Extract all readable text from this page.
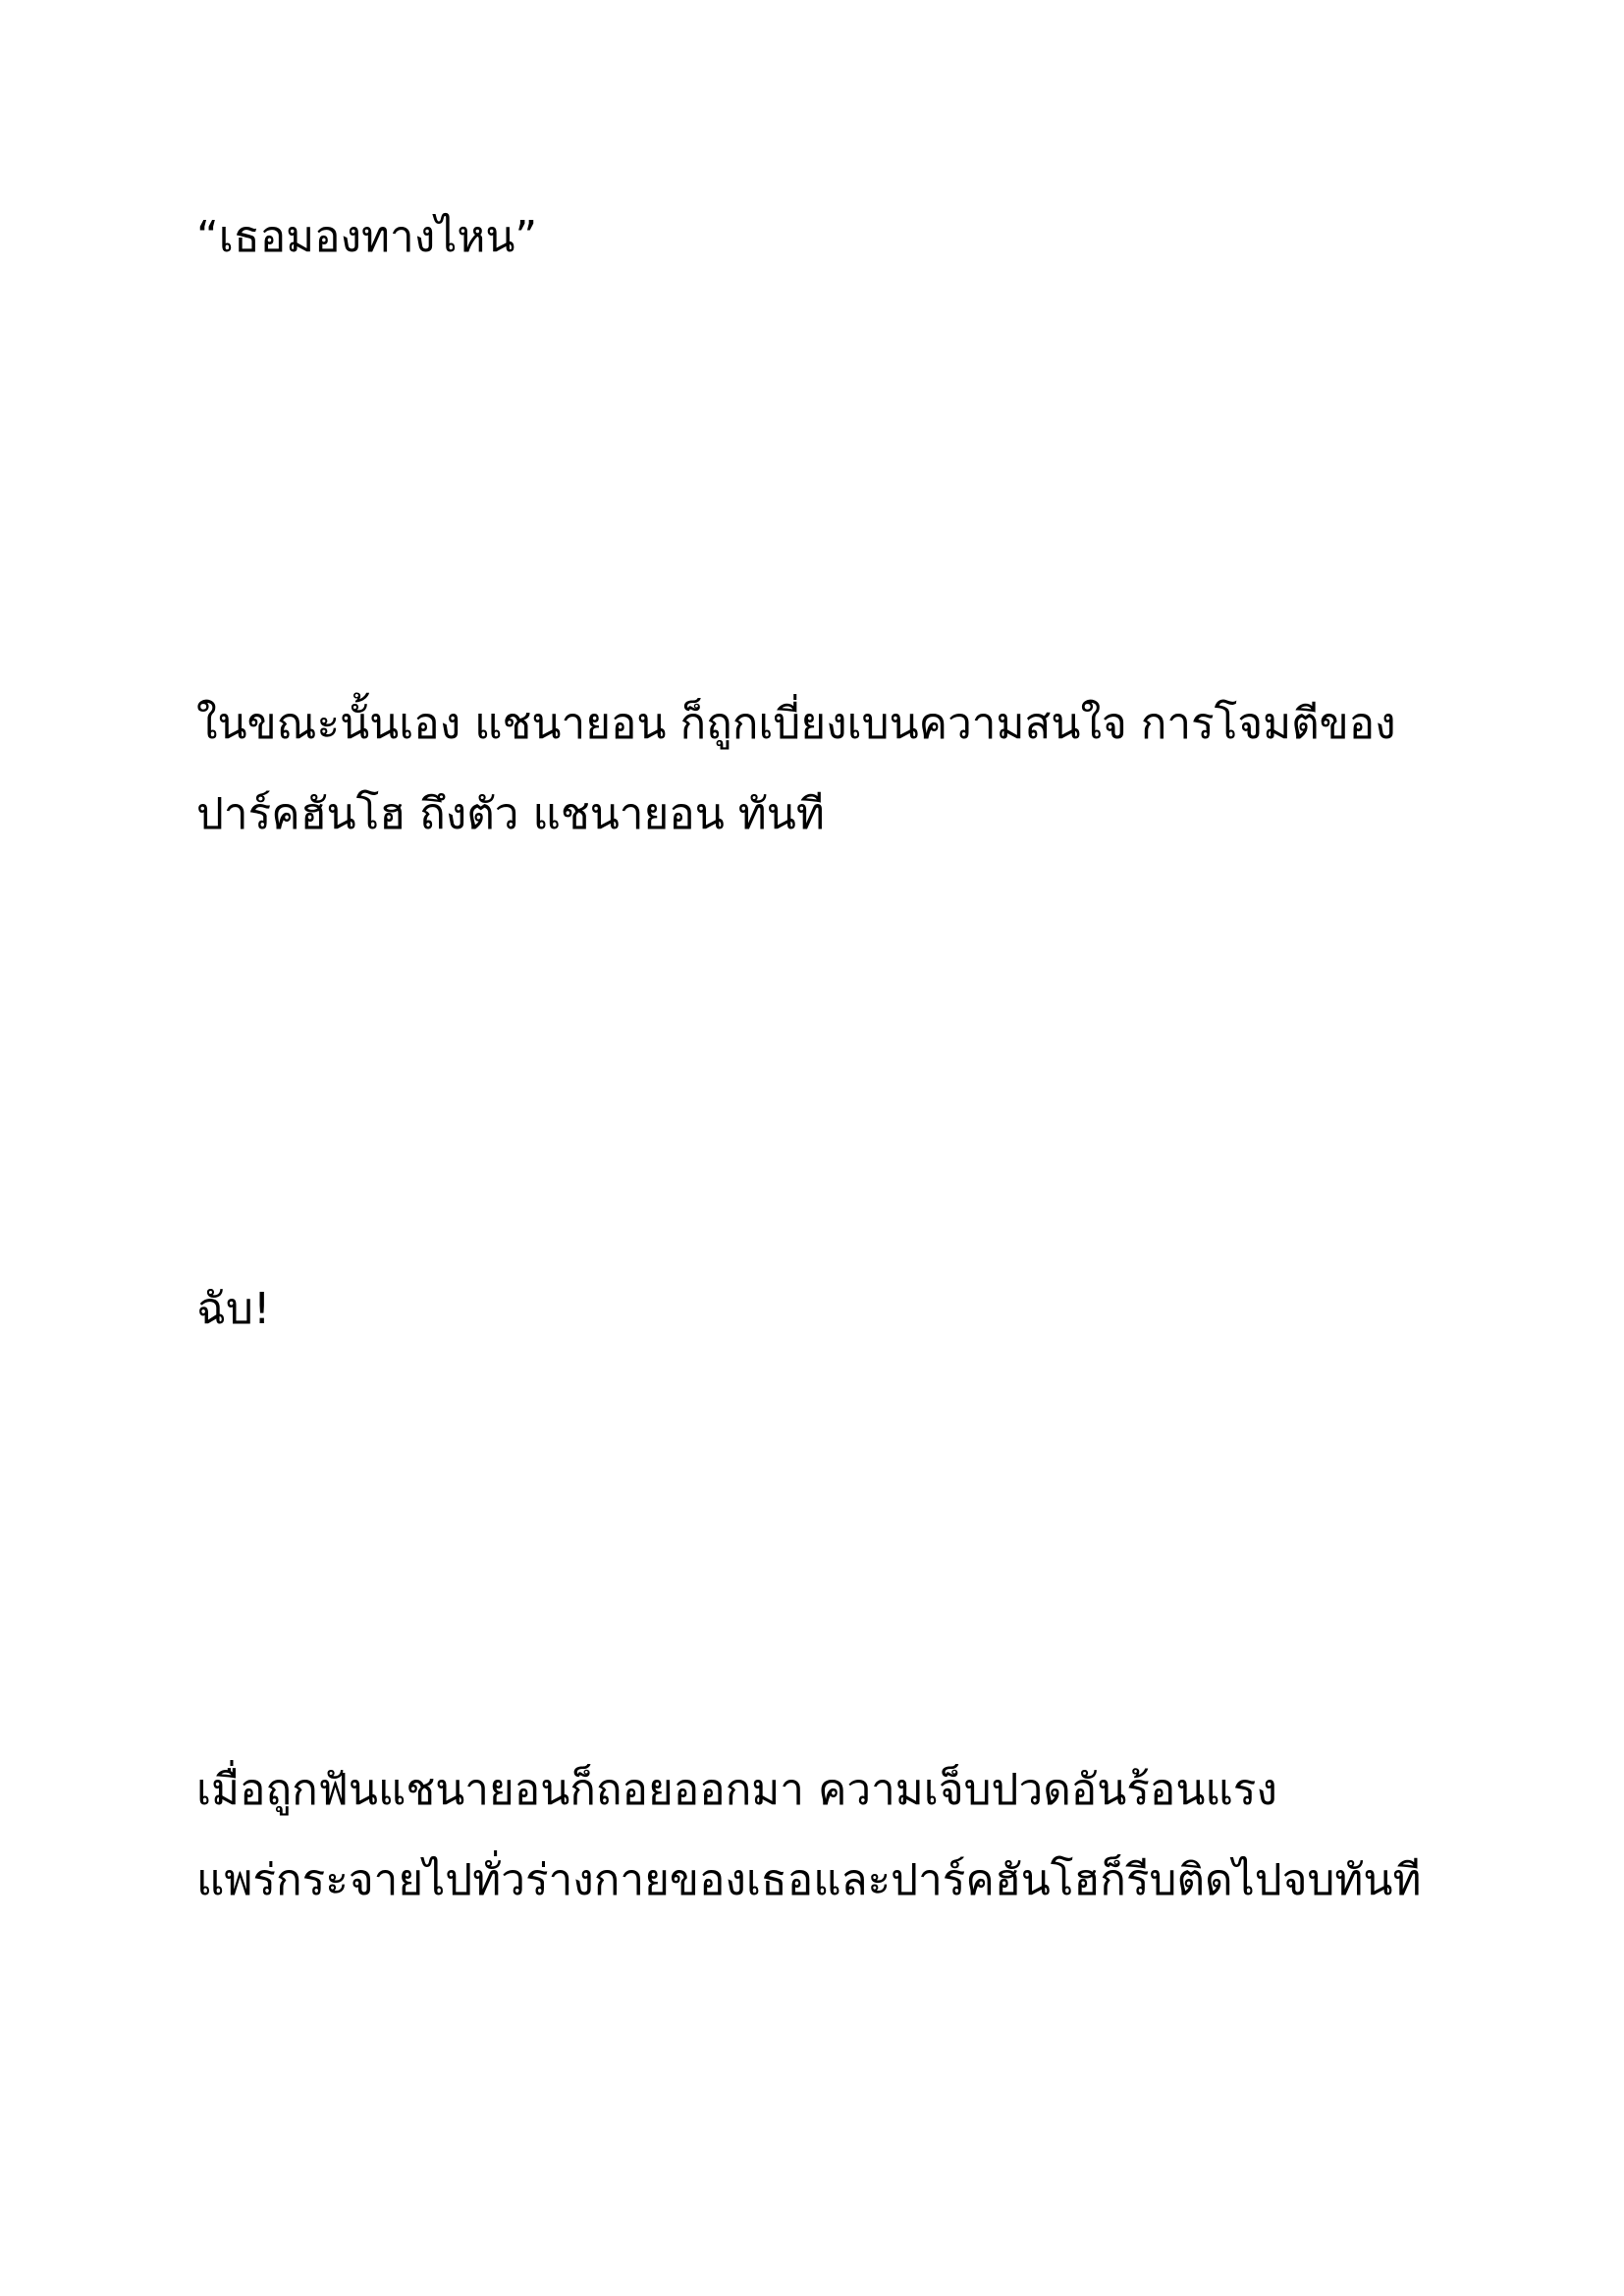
“เธอมองทางไหน”

ในขณะนั้นเอง แชนายอน ก็ถูกเบี่ยงเบนความสนใจ การโจมตีของ

ปาร์คฮันโฮ ถึงตัว แชนายอน ทันที

ฉับ!

เมื่อถูกฟันแชนายอนก็ถอยออกมา ความเจ็บปวดอันร้อนแรง

แพร่กระจายไปทั่วร่างกายของเธอและปาร์คฮันโฮก็รีบติดไปจบทันที
